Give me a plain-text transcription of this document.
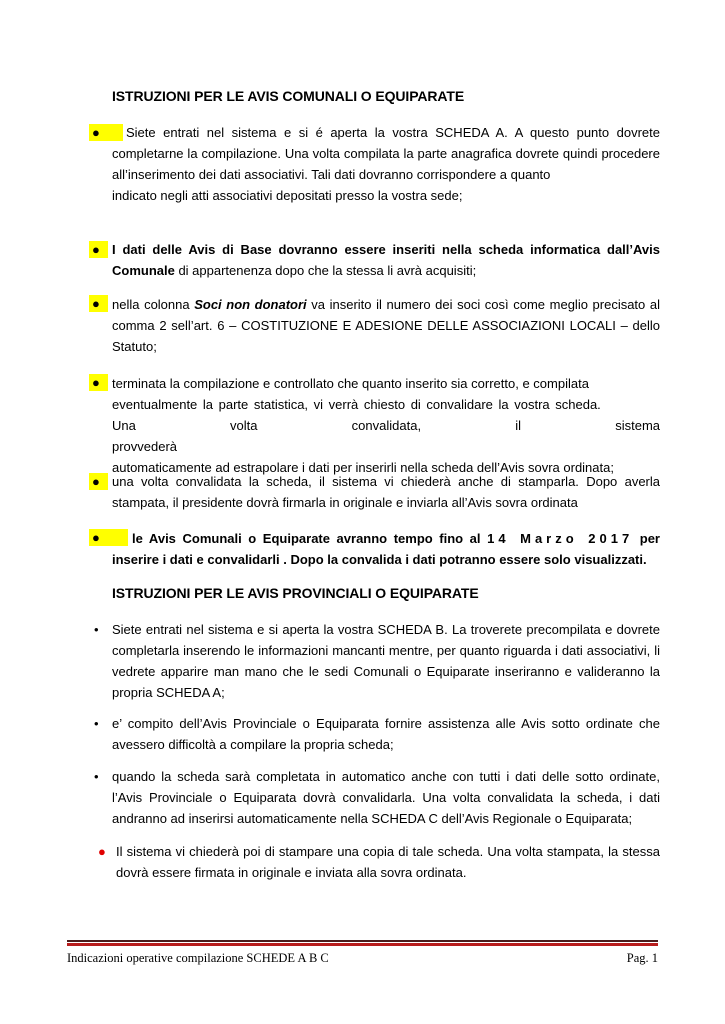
ISTRUZIONI PER LE AVIS COMUNALI O EQUIPARATE
●	Siete entrati nel sistema e si é aperta la vostra SCHEDA A. A questo punto dovrete completarne la compilazione. Una volta compilata la parte anagrafica dovrete quindi procedere all’inserimento dei dati associativi. Tali dati dovranno corrispondere a quanto

indicato negli atti associativi depositati presso la vostra sede;

● I dati delle Avis di Base dovranno essere inseriti nella scheda informatica dall’Avis Comunale di appartenenza dopo che la stessa li avrà acquisiti;

● nella colonna Soci non donatori va inserito il numero dei soci così come meglio precisato al comma 2 sell’art. 6 – COSTITUZIONE E ADESIONE DELLE ASSOCIAZIONI LOCALI – dello Statuto;

● terminata la compilazione e controllato che quanto inserito sia corretto, e compilata

eventualmente la parte statistica, vi verrà chiesto di convalidare la vostra scheda.

Una volta convalidata, il sistema provvederà

automaticamente ad estrapolare i dati per inserirli nella scheda dell’Avis sovra ordinata;

● una volta convalidata la scheda, il sistema vi chiederà anche di stamparla. Dopo averla stampata, il presidente dovrà firmarla in originale e inviarla all’Avis sovra ordinata

●	le Avis Comunali o Equiparate avranno tempo fino al 14 Marzo 2017 per inserire i dati e convalidarli . Dopo la convalida i dati potranno essere solo visualizzati.

ISTRUZIONI PER LE AVIS PROVINCIALI O EQUIPARATE
• Siete entrati nel sistema e si aperta la vostra SCHEDA B. La troverete precompilata e dovrete completarla inserendo le informazioni mancanti mentre, per quanto riguarda i dati associativi, li vedrete apparire man mano che le sedi Comunali o Equiparate inseriranno e valideranno la propria SCHEDA A;

• e’ compito dell’Avis Provinciale o Equiparata fornire assistenza alle Avis sotto ordinate che avessero difficoltà a compilare la propria scheda;

• quando la scheda sarà completata in automatico anche con tutti i dati delle sotto ordinate, l’Avis Provinciale o Equiparata dovrà convalidarla. Una volta convalidata la scheda, i dati andranno ad inserirsi automaticamente nella SCHEDA C dell’Avis Regionale o Equiparata;

● Il sistema vi chiederà poi di stampare una copia di tale scheda. Una volta stampata, la stessa dovrà essere firmata in originale e inviata alla sovra ordinata.

Indicazioni operative compilazione SCHEDE A B C	Pag. 1
